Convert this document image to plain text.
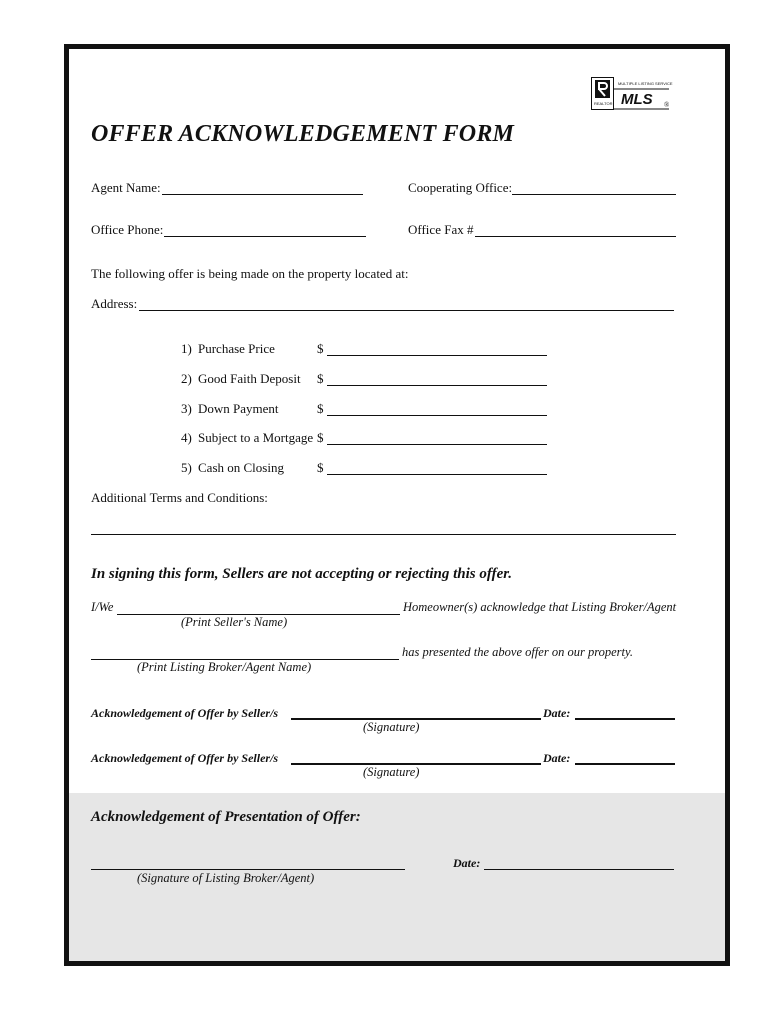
MULTIPLE LISTING SERVICE
REALTOR MLS ®
OFFER ACKNOWLEDGEMENT FORM
Agent Name:	Cooperating Office:
Office Phone:	Office Fax #
The following offer is being made on the property located at:
Address:
1) Purchase Price	$
2) Good Faith Deposit $
3) Down Payment	$
4) Subject to a Mortgage $
5) Cash on Closing	$
Additional Terms and Conditions:
In signing this form, Sellers are not accepting or rejecting this offer.
I/We	Homeowner(s) acknowledge that Listing Broker/Agent
(Print Seller's Name)
has presented the above offer on our property.
(Print Listing Broker/Agent Name)
Acknowledgement of Offer by Seller/s	Date:
(Signature)
Acknowledgement of Offer by Seller/s	Date:
(Signature)
Acknowledgement of Presentation of Offer:
Date:
(Signature of Listing Broker/Agent)
